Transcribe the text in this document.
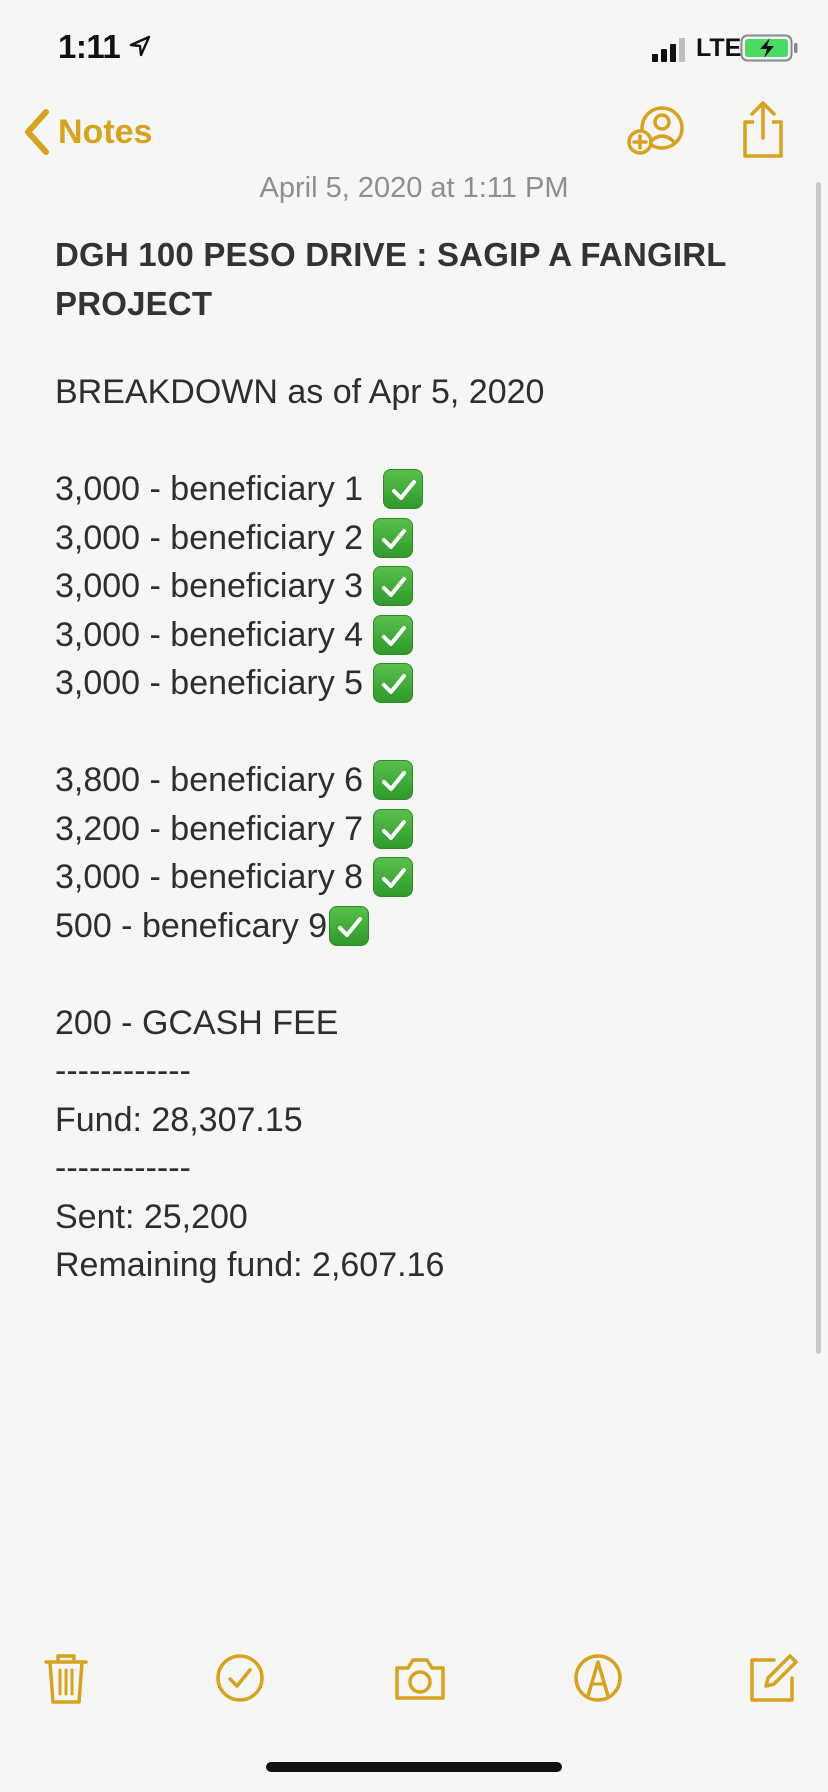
1:11	LTE
Notes
April 5, 2020 at 1:11 PM
DGH 100 PESO DRIVE : SAGIP A FANGIRL PROJECT
BREAKDOWN as of Apr 5, 2020
3,000 - beneficiary 1
3,000 - beneficiary 2
3,000 - beneficiary 3
3,000 - beneficiary 4
3,000 - beneficiary 5
3,800 - beneficiary 6
3,200 - beneficiary 7
3,000 - beneficiary 8
500 - beneficary 9
200 - GCASH FEE
------------
Fund: 28,307.15
------------
Sent: 25,200
Remaining fund: 2,607.16
